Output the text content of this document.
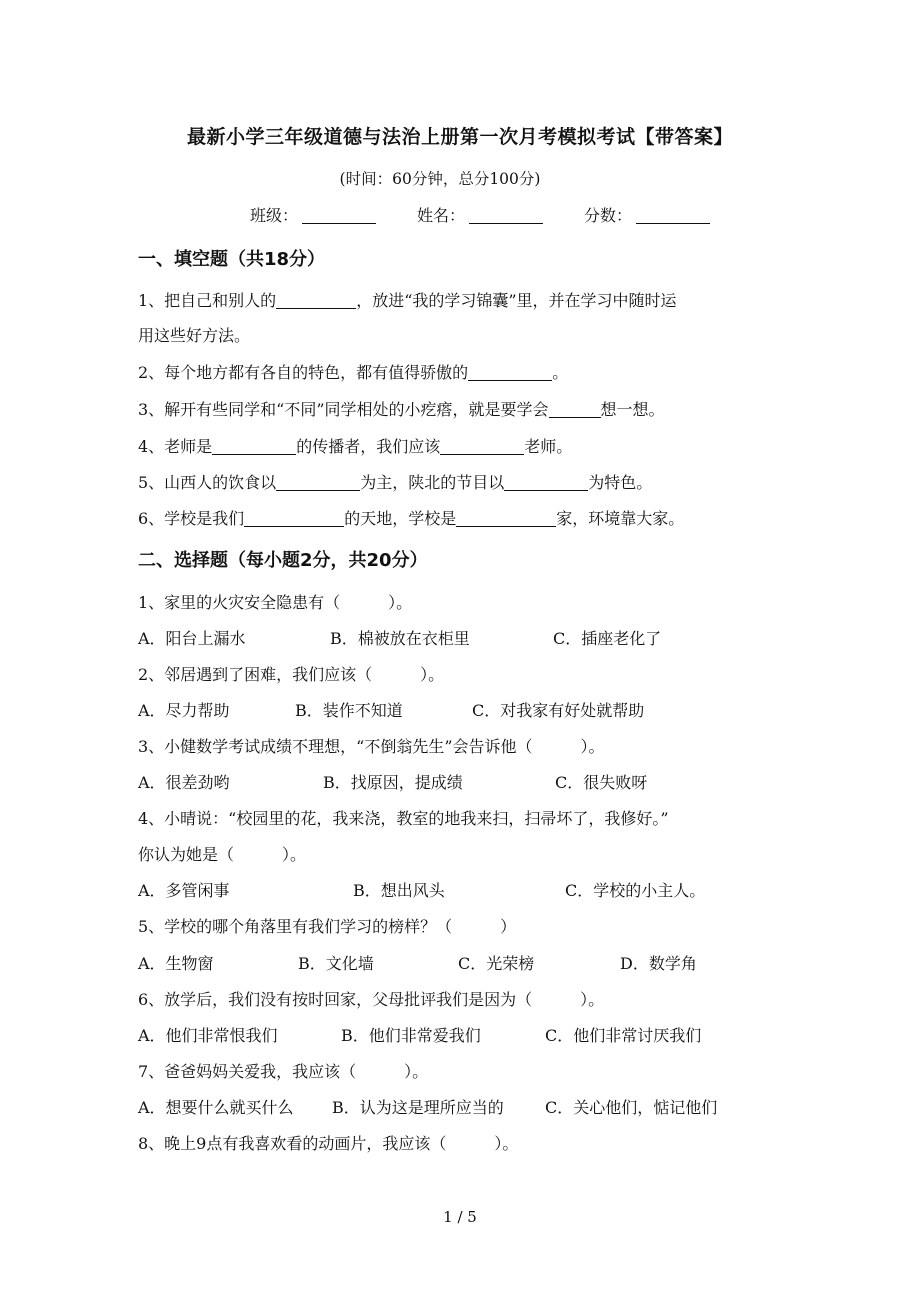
最新小学三年级道德与法治上册第一次月考模拟考试【带答案】
(时间：60分钟，总分100分)
班级：	姓名：	分数：
一、填空题（共18分）
1、把自己和别人的	，放进“我的学习锦囊”里，并在学习中随时运
用这些好方法。
2、每个地方都有各自的特色，都有值得骄傲的	。
3、解开有些同学和“不同”同学相处的小疙瘩，就是要学会	想一想。
4、老师是	的传播者，我们应该	老师。
5、山西人的饮食以	为主，陕北的节目以	为特色。
6、学校是我们	的天地，学校是	家，环境靠大家。
二、选择题（每小题2分，共20分）
1、家里的火灾安全隐患有（　　　）。
A．阳台上漏水	B．棉被放在衣柜里	C．插座老化了
2、邻居遇到了困难，我们应该（　　　）。
A．尽力帮助	B．装作不知道	C．对我家有好处就帮助
3、小健数学考试成绩不理想，“不倒翁先生”会告诉他（　　　）。
A．很差劲哟	B．找原因，提成绩	C．很失败呀
4、小晴说：“校园里的花，我来浇，教室的地我来扫，扫帚坏了，我修好。”
你认为她是（　　　）。
A．多管闲事	B．想出风头	C．学校的小主人。
5、学校的哪个角落里有我们学习的榜样？（　　　）
A．生物窗	B．文化墙	C．光荣榜	D．数学角
6、放学后，我们没有按时回家，父母批评我们是因为（　　　）。
A．他们非常恨我们	B．他们非常爱我们	C．他们非常讨厌我们
7、爸爸妈妈关爱我，我应该（　　　）。
A．想要什么就买什么 B．认为这是理所应当的	C．关心他们，惦记他们
8、晚上9点有我喜欢看的动画片，我应该（　　　）。
1 / 5
